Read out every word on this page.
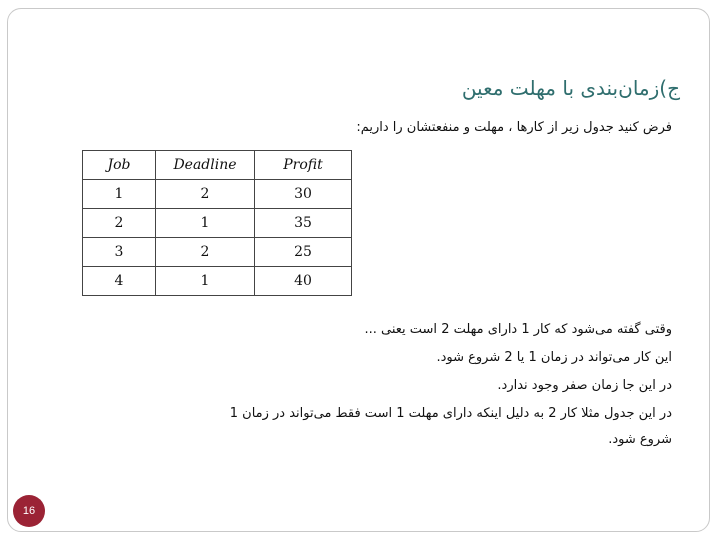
ج)زمان‌بندی با مهلت معین
فرض کنید جدول زیر از کارها ، مهلت و منفعتشان را داریم:
Job	Deadline	Profit
1	2	30
2	1	35
3	2	25
4	1	40
وقتی گفته می‌شود که کار 1 دارای مهلت 2 است یعنی ...
این کار می‌تواند در زمان 1 یا 2 شروع شود.
در این جا زمان صفر وجود ندارد.
در این جدول مثلا کار 2 به دلیل اینکه دارای مهلت 1 است فقط می‌تواند در زمان 1
شروع شود.
16
